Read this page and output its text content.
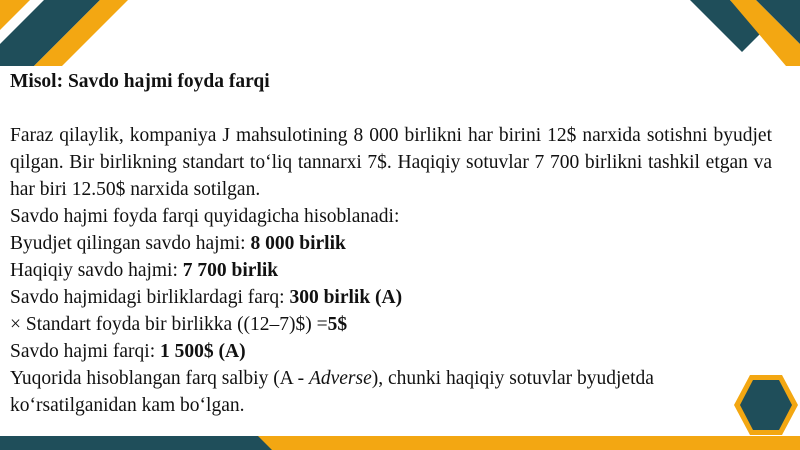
Misol: Savdo hajmi foyda farqi

Faraz qilaylik, kompaniya J mahsulotining 8 000 birlikni har birini 12$ narxida sotishni byudjet qilgan. Bir birlikning standart to‘liq tannarxi 7$. Haqiqiy sotuvlar 7 700 birlikni tashkil etgan va har biri 12.50$ narxida sotilgan.

Savdo hajmi foyda farqi quyidagicha hisoblanadi:

Byudjet qilingan savdo hajmi: 8 000 birlik

Haqiqiy savdo hajmi: 7 700 birlik

Savdo hajmidagi birliklardagi farq: 300 birlik (A)

× Standart foyda bir birlikka ((12–7)$) =5$

Savdo hajmi farqi: 1 500$ (A)

Yuqorida hisoblangan farq salbiy (A - Adverse), chunki haqiqiy sotuvlar byudjetda ko‘rsatilganidan kam bo‘lgan.
